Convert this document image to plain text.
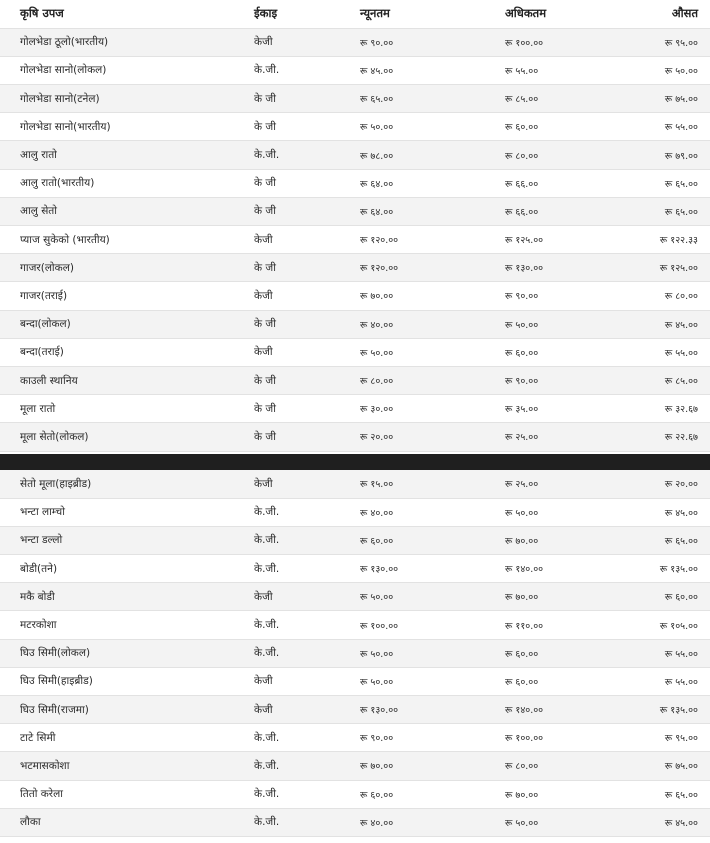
कृषि उपज	ईकाइ	न्यूनतम	अधिकतम	औसत
गोलभेडा ठूलो(भारतीय)	केजी	रू ९०.००	रू १००.००	रू ९५.००
गोलभेडा सानो(लोकल)	के.जी.	रू ४५.००	रू ५५.००	रू ५०.००
गोलभेडा सानो(टनेल)	के जी	रू ६५.००	रू ८५.००	रू ७५.००
गोलभेडा सानो(भारतीय)	के जी	रू ५०.००	रू ६०.००	रू ५५.००
आलु रातो	के.जी.	रू ७८.००	रू ८०.००	रू ७९.००
आलु रातो(भारतीय)	के जी	रू ६४.००	रू ६६.००	रू ६५.००
आलु सेतो	के जी	रू ६४.००	रू ६६.००	रू ६५.००
प्याज सुकेको (भारतीय)	केजी	रू १२०.००	रू १२५.००	रू १२२.३३
गाजर(लोकल)	के जी	रू १२०.००	रू १३०.००	रू १२५.००
गाजर(तराई)	केजी	रू ७०.००	रू ९०.००	रू ८०.००
बन्दा(लोकल)	के जी	रू ४०.००	रू ५०.००	रू ४५.००
बन्दा(तराई)	केजी	रू ५०.००	रू ६०.००	रू ५५.००
काउली स्थानिय	के जी	रू ८०.००	रू ९०.००	रू ८५.००
मूला रातो	के जी	रू ३०.००	रू ३५.००	रू ३२.६७
मूला सेतो(लोकल)	के जी	रू २०.००	रू २५.००	रू २२.६७
सेतो मूला(हाइब्रीड)	केजी	रू १५.००	रू २५.००	रू २०.००
भन्टा लाम्चो	के.जी.	रू ४०.००	रू ५०.००	रू ४५.००
भन्टा डल्लो	के.जी.	रू ६०.००	रू ७०.००	रू ६५.००
बोडी(तने)	के.जी.	रू १३०.००	रू १४०.००	रू १३५.००
मकै बोडी	केजी	रू ५०.००	रू ७०.००	रू ६०.००
मटरकोशा	के.जी.	रू १००.००	रू ११०.००	रू १०५.००
घिउ सिमी(लोकल)	के.जी.	रू ५०.००	रू ६०.००	रू ५५.००
घिउ सिमी(हाइब्रीड)	केजी	रू ५०.००	रू ६०.००	रू ५५.००
घिउ सिमी(राजमा)	केजी	रू १३०.००	रू १४०.००	रू १३५.००
टाटे सिमी	के.जी.	रू ९०.००	रू १००.००	रू ९५.००
भटमासकोशा	के.जी.	रू ७०.००	रू ८०.००	रू ७५.००
तितो करेला	के.जी.	रू ६०.००	रू ७०.००	रू ६५.००
लौका	के.जी.	रू ४०.००	रू ५०.००	रू ४५.००
